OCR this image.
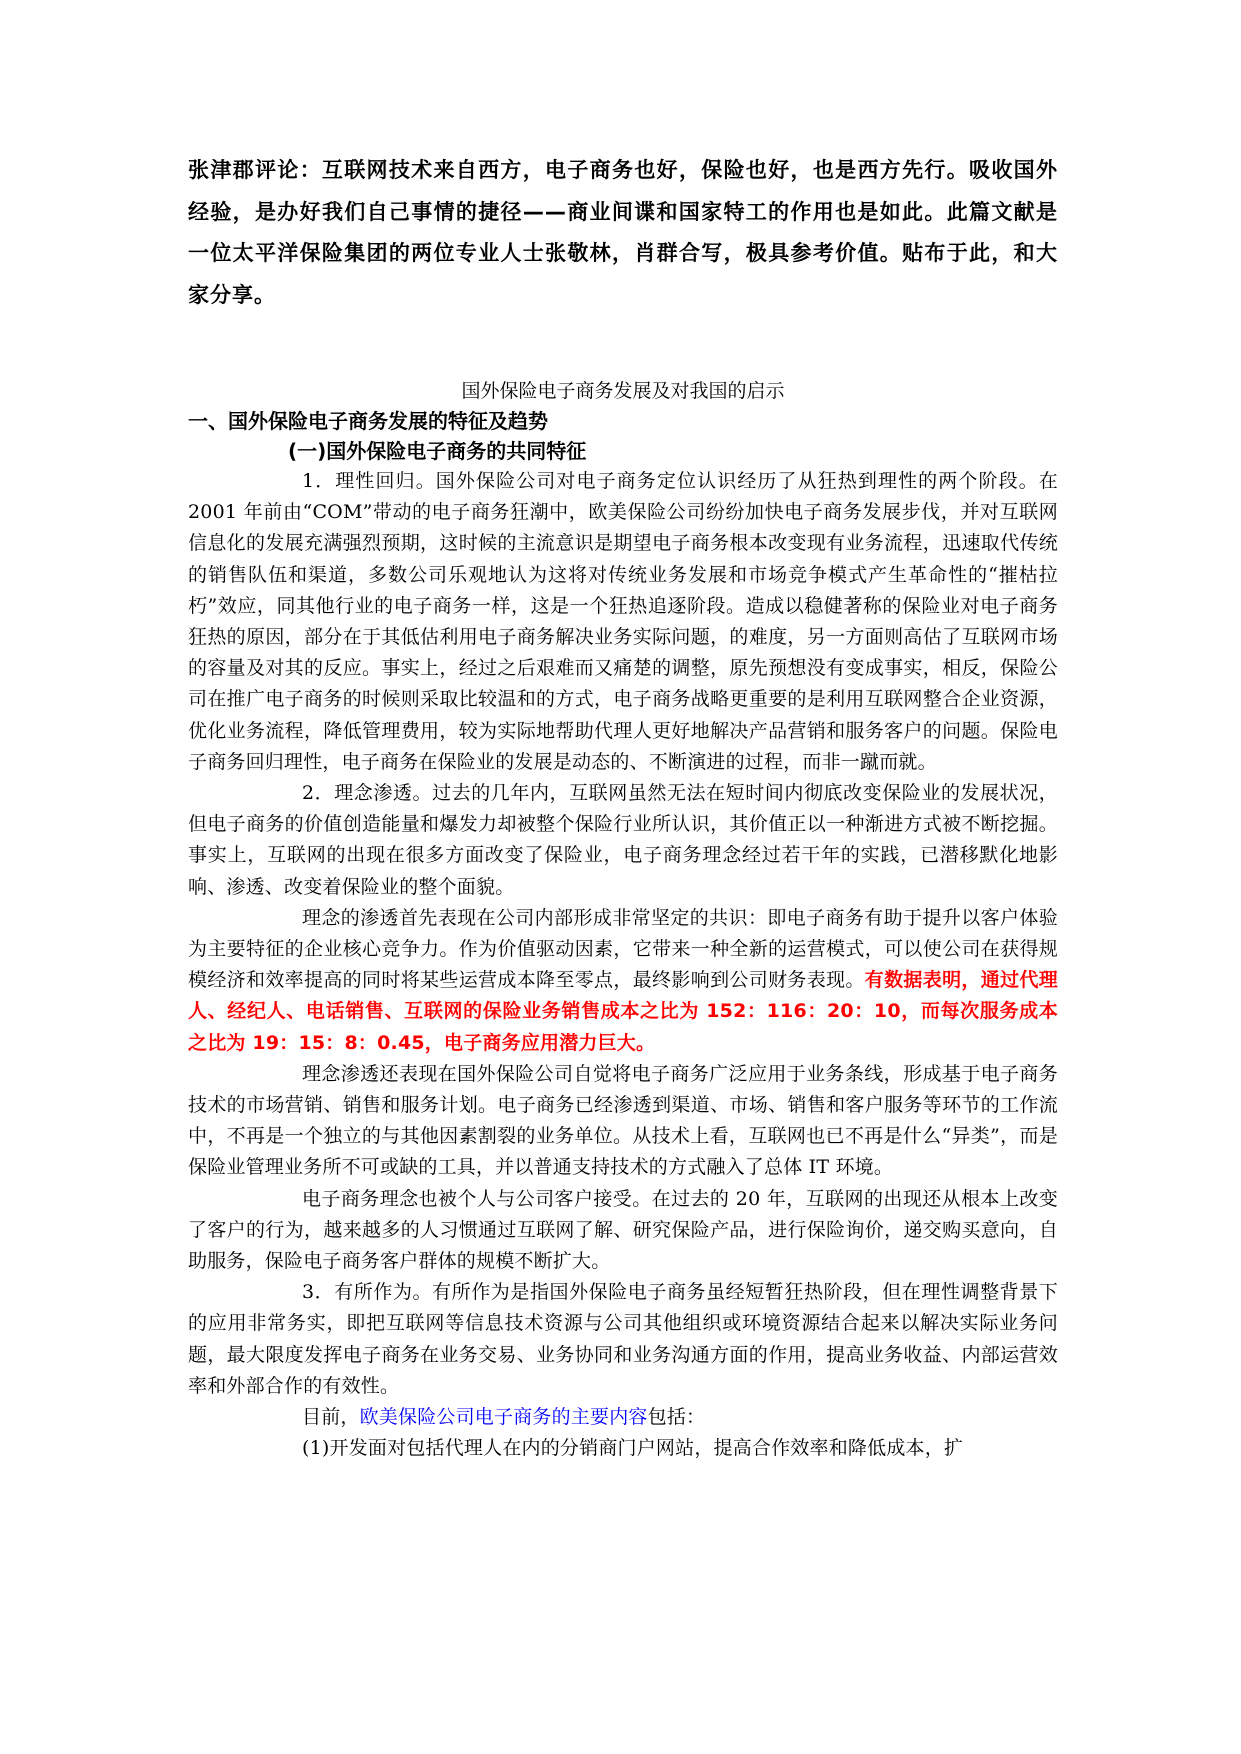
张津郡评论：互联网技术来自西方，电子商务也好，保险也好，也是西方先行。吸收国外经验，是办好我们自己事情的捷径——商业间谍和国家特工的作用也是如此。此篇文献是一位太平洋保险集团的两位专业人士张敬林，肖群合写，极具参考价值。贴布于此，和大家分享。

国外保险电子商务发展及对我国的启示

一、国外保险电子商务发展的特征及趋势

(一)国外保险电子商务的共同特征

1．理性回归。国外保险公司对电子商务定位认识经历了从狂热到理性的两个阶段。在 2001 年前由“COM”带动的电子商务狂潮中，欧美保险公司纷纷加快电子商务发展步伐，并对互联网信息化的发展充满强烈预期，这时候的主流意识是期望电子商务根本改变现有业务流程，迅速取代传统的销售队伍和渠道，多数公司乐观地认为这将对传统业务发展和市场竞争模式产生革命性的“摧枯拉朽”效应，同其他行业的电子商务一样，这是一个狂热追逐阶段。造成以稳健著称的保险业对电子商务狂热的原因，部分在于其低估利用电子商务解决业务实际问题，的难度，另一方面则高估了互联网市场的容量及对其的反应。事实上，经过之后艰难而又痛楚的调整，原先预想没有变成事实，相反，保险公司在推广电子商务的时候则采取比较温和的方式，电子商务战略更重要的是利用互联网整合企业资源，优化业务流程，降低管理费用，较为实际地帮助代理人更好地解决产品营销和服务客户的问题。保险电子商务回归理性，电子商务在保险业的发展是动态的、不断演进的过程，而非一蹴而就。

2．理念渗透。过去的几年内，互联网虽然无法在短时间内彻底改变保险业的发展状况，但电子商务的价值创造能量和爆发力却被整个保险行业所认识，其价值正以一种渐进方式被不断挖掘。事实上，互联网的出现在很多方面改变了保险业，电子商务理念经过若干年的实践，已潜移默化地影响、渗透、改变着保险业的整个面貌。

理念的渗透首先表现在公司内部形成非常坚定的共识：即电子商务有助于提升以客户体验为主要特征的企业核心竞争力。作为价值驱动因素，它带来一种全新的运营模式，可以使公司在获得规模经济和效率提高的同时将某些运营成本降至零点，最终影响到公司财务表现。有数据表明，通过代理人、经纪人、电话销售、互联网的保险业务销售成本之比为 152：116：20：10，而每次服务成本之比为 19：15：8：0.45，电子商务应用潜力巨大。

理念渗透还表现在国外保险公司自觉将电子商务广泛应用于业务条线，形成基于电子商务技术的市场营销、销售和服务计划。电子商务已经渗透到渠道、市场、销售和客户服务等环节的工作流中，不再是一个独立的与其他因素割裂的业务单位。从技术上看，互联网也已不再是什么“异类”，而是保险业管理业务所不可或缺的工具，并以普通支持技术的方式融入了总体 IT 环境。

电子商务理念也被个人与公司客户接受。在过去的 20 年，互联网的出现还从根本上改变了客户的行为，越来越多的人习惯通过互联网了解、研究保险产品，进行保险询价，递交购买意向，自助服务，保险电子商务客户群体的规模不断扩大。

3．有所作为。有所作为是指国外保险电子商务虽经短暂狂热阶段，但在理性调整背景下的应用非常务实，即把互联网等信息技术资源与公司其他组织或环境资源结合起来以解决实际业务问题，最大限度发挥电子商务在业务交易、业务协同和业务沟通方面的作用，提高业务收益、内部运营效率和外部合作的有效性。

目前，欧美保险公司电子商务的主要内容包括：

(1)开发面对包括代理人在内的分销商门户网站，提高合作效率和降低成本，扩
